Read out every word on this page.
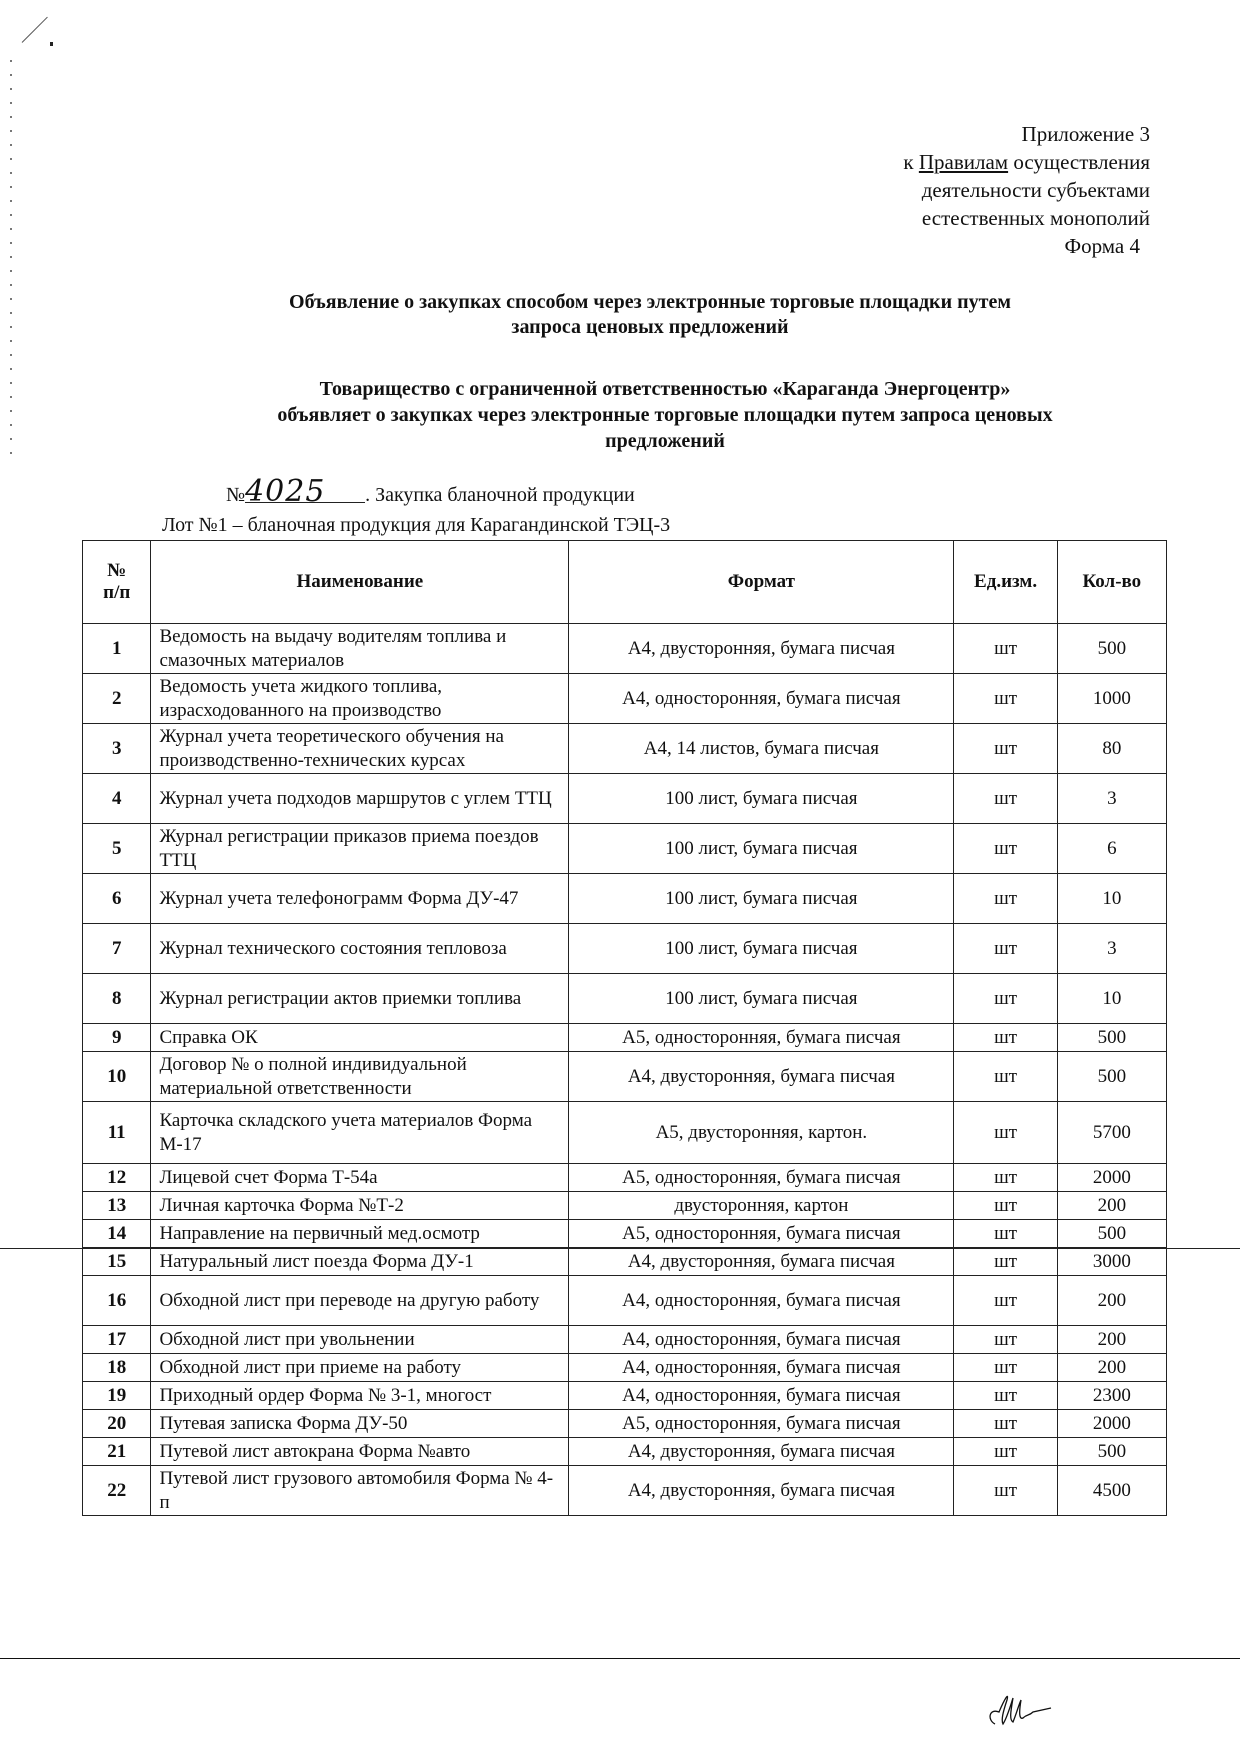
Приложение 3
к Правилам осуществления
деятельности субъектами
естественных монополий
Форма 4
Объявление о закупках способом через электронные торговые площадки путем
запроса ценовых предложений
Товарищество с ограниченной ответственностью «Караганда Энергоцентр»
объявляет о закупках через электронные торговые площадки путем запроса ценовых
предложений
№4025 . Закупка бланочной продукции
Лот №1 – бланочная продукция для Карагандинской ТЭЦ-3
№
п/п	Наименование	Формат	Ед.изм.	Кол-во
1	Ведомость на выдачу водителям топлива и смазочных материалов	А4, двусторонняя, бумага писчая	шт	500
2	Ведомость учета жидкого топлива, израсходованного на производство	А4, односторонняя, бумага писчая	шт	1000
3	Журнал учета теоретического обучения на производственно-технических курсах	А4, 14 листов, бумага писчая	шт	80
4	Журнал учета подходов маршрутов с углем ТТЦ	100 лист, бумага писчая	шт	3
5	Журнал регистрации приказов приема поездов ТТЦ	100 лист, бумага писчая	шт	6
6	Журнал учета телефонограмм Форма ДУ-47	100 лист, бумага писчая	шт	10
7	Журнал технического состояния тепловоза	100 лист, бумага писчая	шт	3
8	Журнал регистрации актов приемки топлива	100 лист, бумага писчая	шт	10
9	Справка ОК	А5, односторонняя, бумага писчая	шт	500
10	Договор № о полной индивидуальной материальной ответственности	А4, двусторонняя, бумага писчая	шт	500
11	Карточка складского учета материалов Форма М-17	А5, двусторонняя, картон.	шт	5700
12	Лицевой счет Форма Т-54а	А5, односторонняя, бумага писчая	шт	2000
13	Личная карточка Форма №Т-2	двусторонняя, картон	шт	200
14	Направление на первичный мед.осмотр	А5, односторонняя, бумага писчая	шт	500
15	Натуральный лист поезда Форма ДУ-1	А4, двусторонняя, бумага писчая	шт	3000
16	Обходной лист при переводе на другую работу	А4, односторонняя, бумага писчая	шт	200
17	Обходной лист при увольнении	А4, односторонняя, бумага писчая	шт	200
18	Обходной лист при приеме на работу	А4, односторонняя, бумага писчая	шт	200
19	Приходный ордер Форма № 3-1, многост	А4, односторонняя, бумага писчая	шт	2300
20	Путевая записка Форма ДУ-50	А5, односторонняя, бумага писчая	шт	2000
21	Путевой лист автокрана Форма №авто	А4, двусторонняя, бумага писчая	шт	500
22	Путевой лист грузового автомобиля Форма № 4-п	А4, двусторонняя, бумага писчая	шт	4500
